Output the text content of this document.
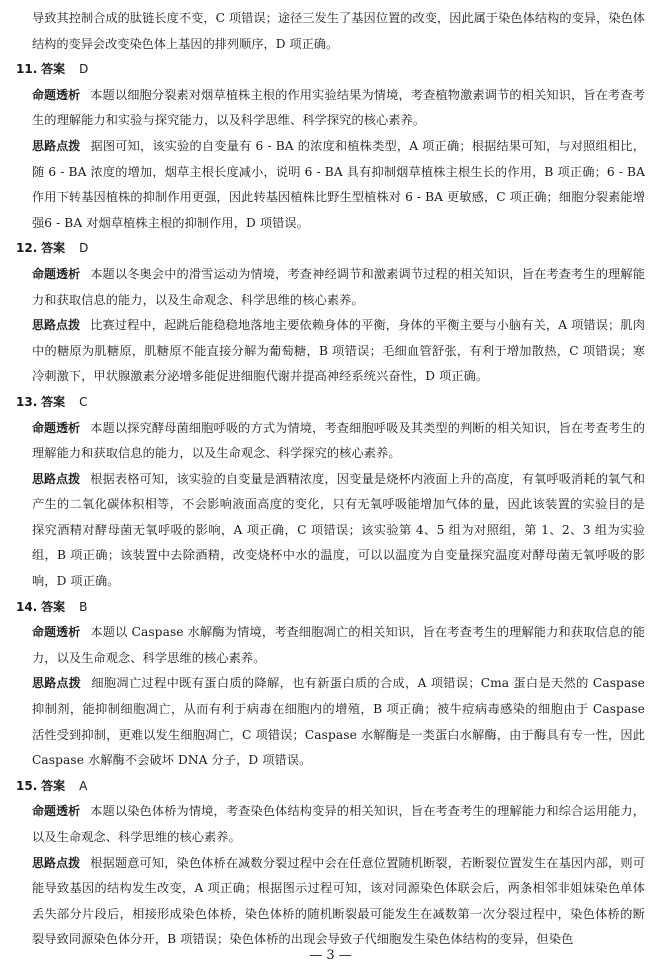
导致其控制合成的肽链长度不变，C 项错误；途径三发生了基因位置的改变，因此属于染色体结构的变异，染色体结构的变异会改变染色体上基因的排列顺序，D 项正确。

11. 答案 D

命题透析 本题以细胞分裂素对烟草植株主根的作用实验结果为情境，考查植物激素调节的相关知识，旨在考查考生的理解能力和实验与探究能力，以及科学思维、科学探究的核心素养。

思路点拨 据图可知，该实验的自变量有 6 - BA 的浓度和植株类型，A 项正确；根据结果可知，与对照组相比，随 6 - BA 浓度的增加，烟草主根长度减小，说明 6 - BA 具有抑制烟草植株主根生长的作用，B 项正确；6 - BA作用下转基因植株的抑制作用更强，因此转基因植株比野生型植株对 6 - BA 更敏感，C 项正确；细胞分裂素能增强6 - BA 对烟草植株主根的抑制作用，D 项错误。

12. 答案 D

命题透析 本题以冬奥会中的滑雪运动为情境，考查神经调节和激素调节过程的相关知识，旨在考查考生的理解能力和获取信息的能力，以及生命观念、科学思维的核心素养。

思路点拨 比赛过程中，起跳后能稳稳地落地主要依赖身体的平衡，身体的平衡主要与小脑有关，A 项错误；肌肉中的糖原为肌糖原，肌糖原不能直接分解为葡萄糖，B 项错误；毛细血管舒张，有利于增加散热，C 项错误；寒冷刺激下，甲状腺激素分泌增多能促进细胞代谢并提高神经系统兴奋性，D 项正确。

13. 答案 C

命题透析 本题以探究酵母菌细胞呼吸的方式为情境，考查细胞呼吸及其类型的判断的相关知识，旨在考查考生的理解能力和获取信息的能力，以及生命观念、科学探究的核心素养。

思路点拨 根据表格可知，该实验的自变量是酒精浓度，因变量是烧杯内液面上升的高度，有氧呼吸消耗的氧气和产生的二氧化碳体积相等，不会影响液面高度的变化，只有无氧呼吸能增加气体的量，因此该装置的实验目的是探究酒精对酵母菌无氧呼吸的影响，A 项正确，C 项错误；该实验第 4、5 组为对照组，第 1、2、3 组为实验组，B 项正确；该装置中去除酒精，改变烧杯中水的温度，可以以温度为自变量探究温度对酵母菌无氧呼吸的影响，D 项正确。

14. 答案 B

命题透析 本题以 Caspase 水解酶为情境，考查细胞凋亡的相关知识，旨在考查考生的理解能力和获取信息的能力，以及生命观念、科学思维的核心素养。

思路点拨 细胞凋亡过程中既有蛋白质的降解，也有新蛋白质的合成，A 项错误；Cma 蛋白是天然的 Caspase 抑制剂，能抑制细胞凋亡，从而有利于病毒在细胞内的增殖，B 项正确；被牛痘病毒感染的细胞由于 Caspase 活性受到抑制，更难以发生细胞凋亡，C 项错误；Caspase 水解酶是一类蛋白水解酶，由于酶具有专一性，因此 Caspase 水解酶不会破坏 DNA 分子，D 项错误。

15. 答案 A

命题透析 本题以染色体桥为情境，考查染色体结构变异的相关知识，旨在考查考生的理解能力和综合运用能力，以及生命观念、科学思维的核心素养。

思路点拨 根据题意可知，染色体桥在减数分裂过程中会在任意位置随机断裂，若断裂位置发生在基因内部，则可能导致基因的结构发生改变，A 项正确；根据图示过程可知，该对同源染色体联会后，两条相邻非姐妹染色单体丢失部分片段后，相接形成染色体桥，染色体桥的随机断裂最可能发生在减数第一次分裂过程中，染色体桥的断裂导致同源染色体分开，B 项错误；染色体桥的出现会导致子代细胞发生染色体结构的变异，但染色

— 3 —
